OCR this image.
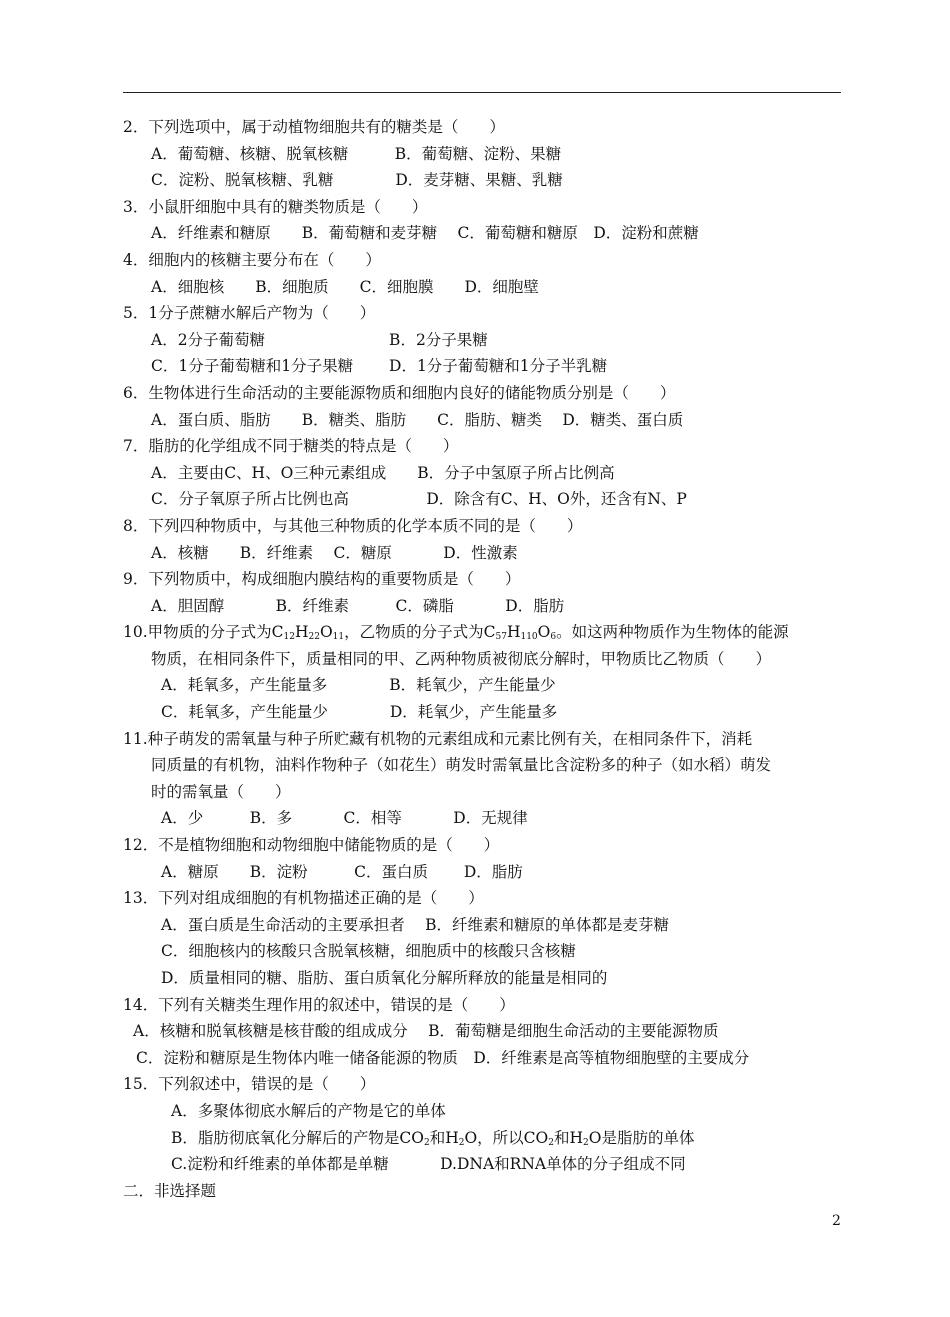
2．下列选项中，属于动植物细胞共有的糖类是（　　）
A．葡萄糖、核糖、脱氧核糖　　　B．葡萄糖、淀粉、果糖
C．淀粉、脱氧核糖、乳糖　　　　D．麦芽糖、果糖、乳糖
3．小鼠肝细胞中具有的糖类物质是（　　）
A．纤维素和糖原　　B．葡萄糖和麦芽糖　 C．葡萄糖和糖原　D．淀粉和蔗糖
4．细胞内的核糖主要分布在（　　）
A．细胞核　　B．细胞质　　C．细胞膜　　D．细胞壁
5．1分子蔗糖水解后产物为（　　）
A．2分子葡萄糖　　　　　　　　B．2分子果糖
C．1分子葡萄糖和1分子果糖　　 D．1分子葡萄糖和1分子半乳糖
6．生物体进行生命活动的主要能源物质和细胞内良好的储能物质分别是（　　）
A．蛋白质、脂肪　　B．糖类、脂肪　　C．脂肪、糖类　 D．糖类、蛋白质
7．脂肪的化学组成不同于糖类的特点是（　　）
A．主要由C、H、O三种元素组成　　B．分子中氢原子所占比例高
C．分子氧原子所占比例也高　　　　　D．除含有C、H、O外，还含有N、P
8．下列四种物质中，与其他三种物质的化学本质不同的是（　　）
A．核糖　　B．纤维素　 C．糖原　　　 D．性激素
9．下列物质中，构成细胞内膜结构的重要物质是（　　）
A．胆固醇　　　 B．纤维素　　　C．磷脂　　　 D．脂肪
10.甲物质的分子式为$C_{12}H_{22}O_{11}$，乙物质的分子式为$C_{57}H_{110}O_6$。如这两种物质作为生物体的能源
物质，在相同条件下，质量相同的甲、乙两种物质被彻底分解时，甲物质比乙物质（　　）
A．耗氧多，产生能量多　　　　B．耗氧少，产生能量少
C．耗氧多，产生能量少　　　　D．耗氧少，产生能量多
11.种子萌发的需氧量与种子所贮藏有机物的元素组成和元素比例有关，在相同条件下，消耗
同质量的有机物，油料作物种子（如花生）萌发时需氧量比含淀粉多的种子（如水稻）萌发
时的需氧量（　　）
A．少　　　B．多　　　 C．相等　　　 D．无规律
12．不是植物细胞和动物细胞中储能物质的是（　　）
A．糖原　　B．淀粉　　　C．蛋白质　　 D．脂肪
13．下列对组成细胞的有机物描述正确的是（　　）
A．蛋白质是生命活动的主要承担者　 B．纤维素和糖原的单体都是麦芽糖
C．细胞核内的核酸只含脱氧核糖，细胞质中的核酸只含核糖
D．质量相同的糖、脂肪、蛋白质氧化分解所释放的能量是相同的
14．下列有关糖类生理作用的叙述中，错误的是（　　）
A．核糖和脱氧核糖是核苷酸的组成成分　 B．葡萄糖是细胞生命活动的主要能源物质
C．淀粉和糖原是生物体内唯一储备能源的物质　D．纤维素是高等植物细胞壁的主要成分
15．下列叙述中，错误的是（　　）
A．多聚体彻底水解后的产物是它的单体
B．脂肪彻底氧化分解后的产物是$CO_2$和$H_2O$，所以$CO_2$和$H_2O$是脂肪的单体
C.淀粉和纤维素的单体都是单糖　　　 D.DNA和RNA单体的分子组成不同
二．非选择题
2
